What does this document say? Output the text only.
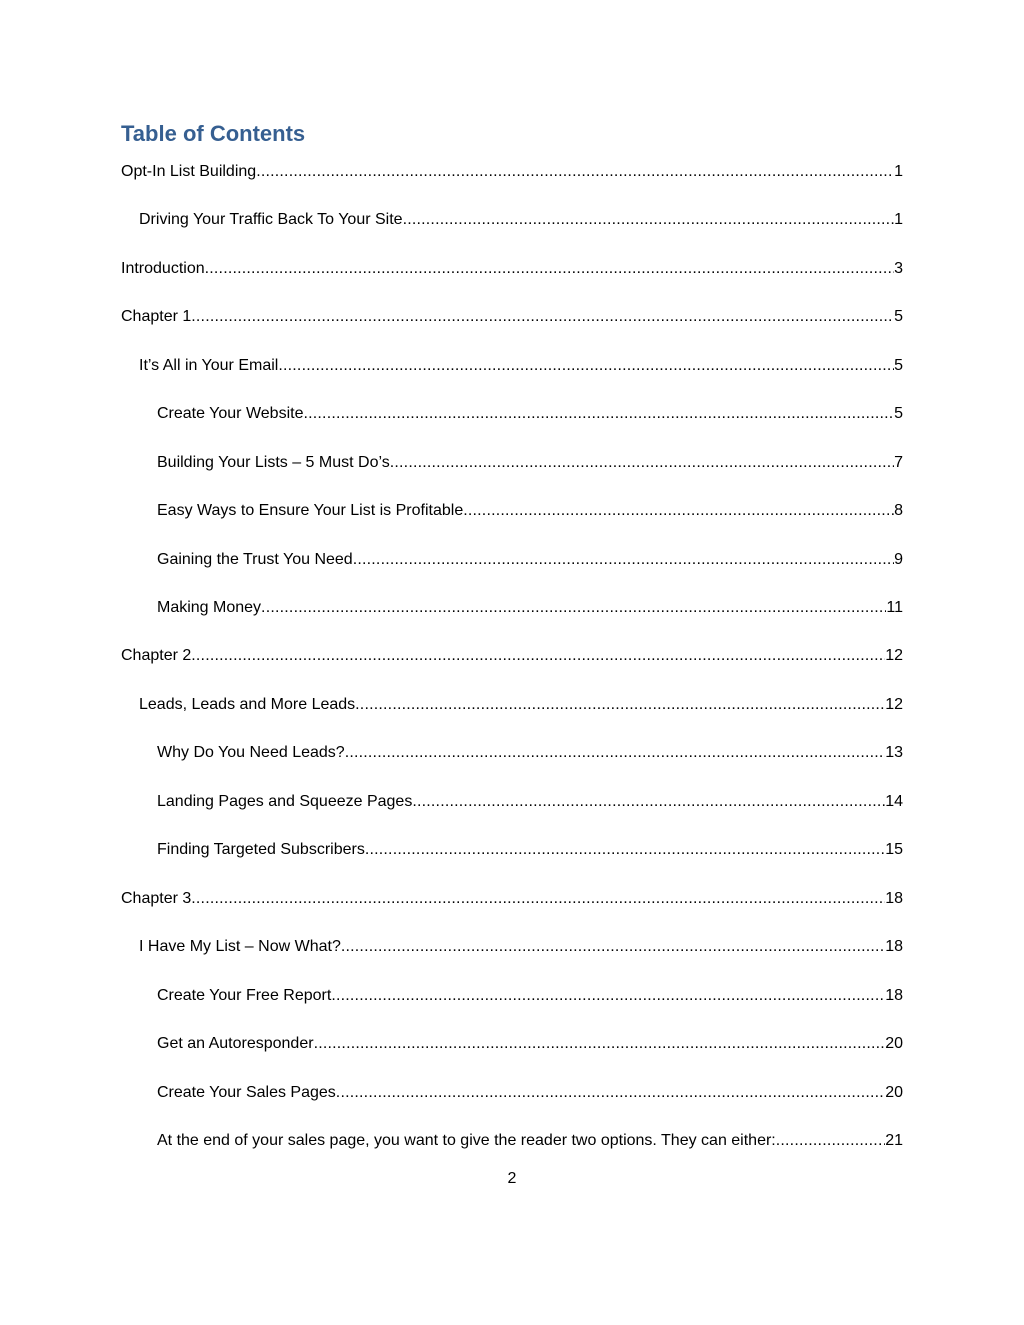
Table of Contents
Opt-In List Building .....	1
Driving Your Traffic Back To Your Site .....	1
Introduction .....	3
Chapter 1 .....	5
It’s All in Your Email .....	5
Create Your Website .....	5
Building Your Lists – 5 Must Do’s .....	7
Easy Ways to Ensure Your List is Profitable .....	8
Gaining the Trust You Need .....	9
Making Money .....	11
Chapter 2 .....	12
Leads, Leads and More Leads .....	12
Why Do You Need Leads? .....	13
Landing Pages and Squeeze Pages .....	14
Finding Targeted Subscribers .....	15
Chapter 3 .....	18
I Have My List – Now What? .....	18
Create Your Free Report .....	18
Get an Autoresponder .....	20
Create Your Sales Pages .....	20
At the end of your sales page, you want to give the reader two options. They can either: .....	21
2
